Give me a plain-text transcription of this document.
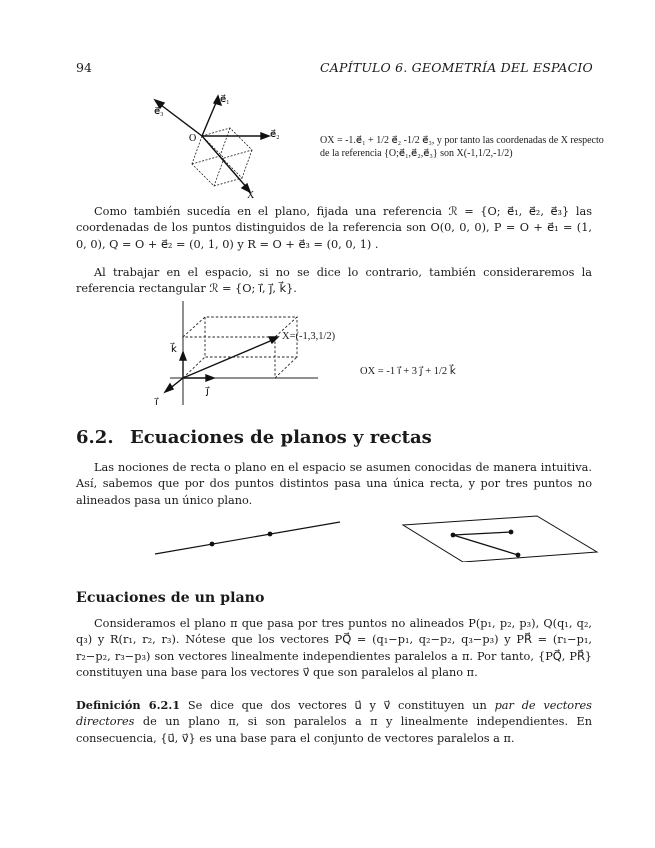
94	CAPÍTULO 6. GEOMETRÍA DEL ESPACIO
e⃗₁
e⃗₂
e⃗₃
O
X
OX = -1.e⃗₁ + 1/2 e⃗₂ -1/2 e⃗₃, y por tanto las coordenadas de X respecto
de la referencia {O;e⃗₁,e⃗₂,e⃗₃} son X(-1,1/2,-1/2)

Como también sucedía en el plano, fijada una referencia ℛ = {O; e⃗₁, e⃗₂, e⃗₃} las coordenadas de los puntos distinguidos de la referencia son O(0, 0, 0), P = O + e⃗₁ = (1, 0, 0), Q = O + e⃗₂ = (0, 1, 0) y R = O + e⃗₃ = (0, 0, 1) .

Al trabajar en el espacio, si no se dice lo contrario, también consideraremos la referencia rectangular ℛ = {O; i⃗, j⃗, k⃗}.

k⃗
j⃗
i⃗
X=(-1,3,1/2)
OX = -1 i⃗ + 3 j⃗ + 1/2 k⃗
6.2. Ecuaciones de planos y rectas

Las nociones de recta o plano en el espacio se asumen conocidas de manera intuitiva. Así, sabemos que por dos puntos distintos pasa una única recta, y por tres puntos no alineados pasa un único plano.

Ecuaciones de un plano

Consideramos el plano π que pasa por tres puntos no alineados P(p₁, p₂, p₃), Q(q₁, q₂, q₃) y R(r₁, r₂, r₃). Nótese que los vectores PQ⃗ = (q₁−p₁, q₂−p₂, q₃−p₃) y PR⃗ = (r₁−p₁, r₂−p₂, r₃−p₃) son vectores linealmente independientes paralelos a π. Por tanto, {PQ⃗, PR⃗} constituyen una base para los vectores v⃗ que son paralelos al plano π.

Definición 6.2.1 Se dice que dos vectores u⃗ y v⃗ constituyen un par de vectores directores de un plano π, si son paralelos a π y linealmente independientes. En consecuencia, {u⃗, v⃗} es una base para el conjunto de vectores paralelos a π.
